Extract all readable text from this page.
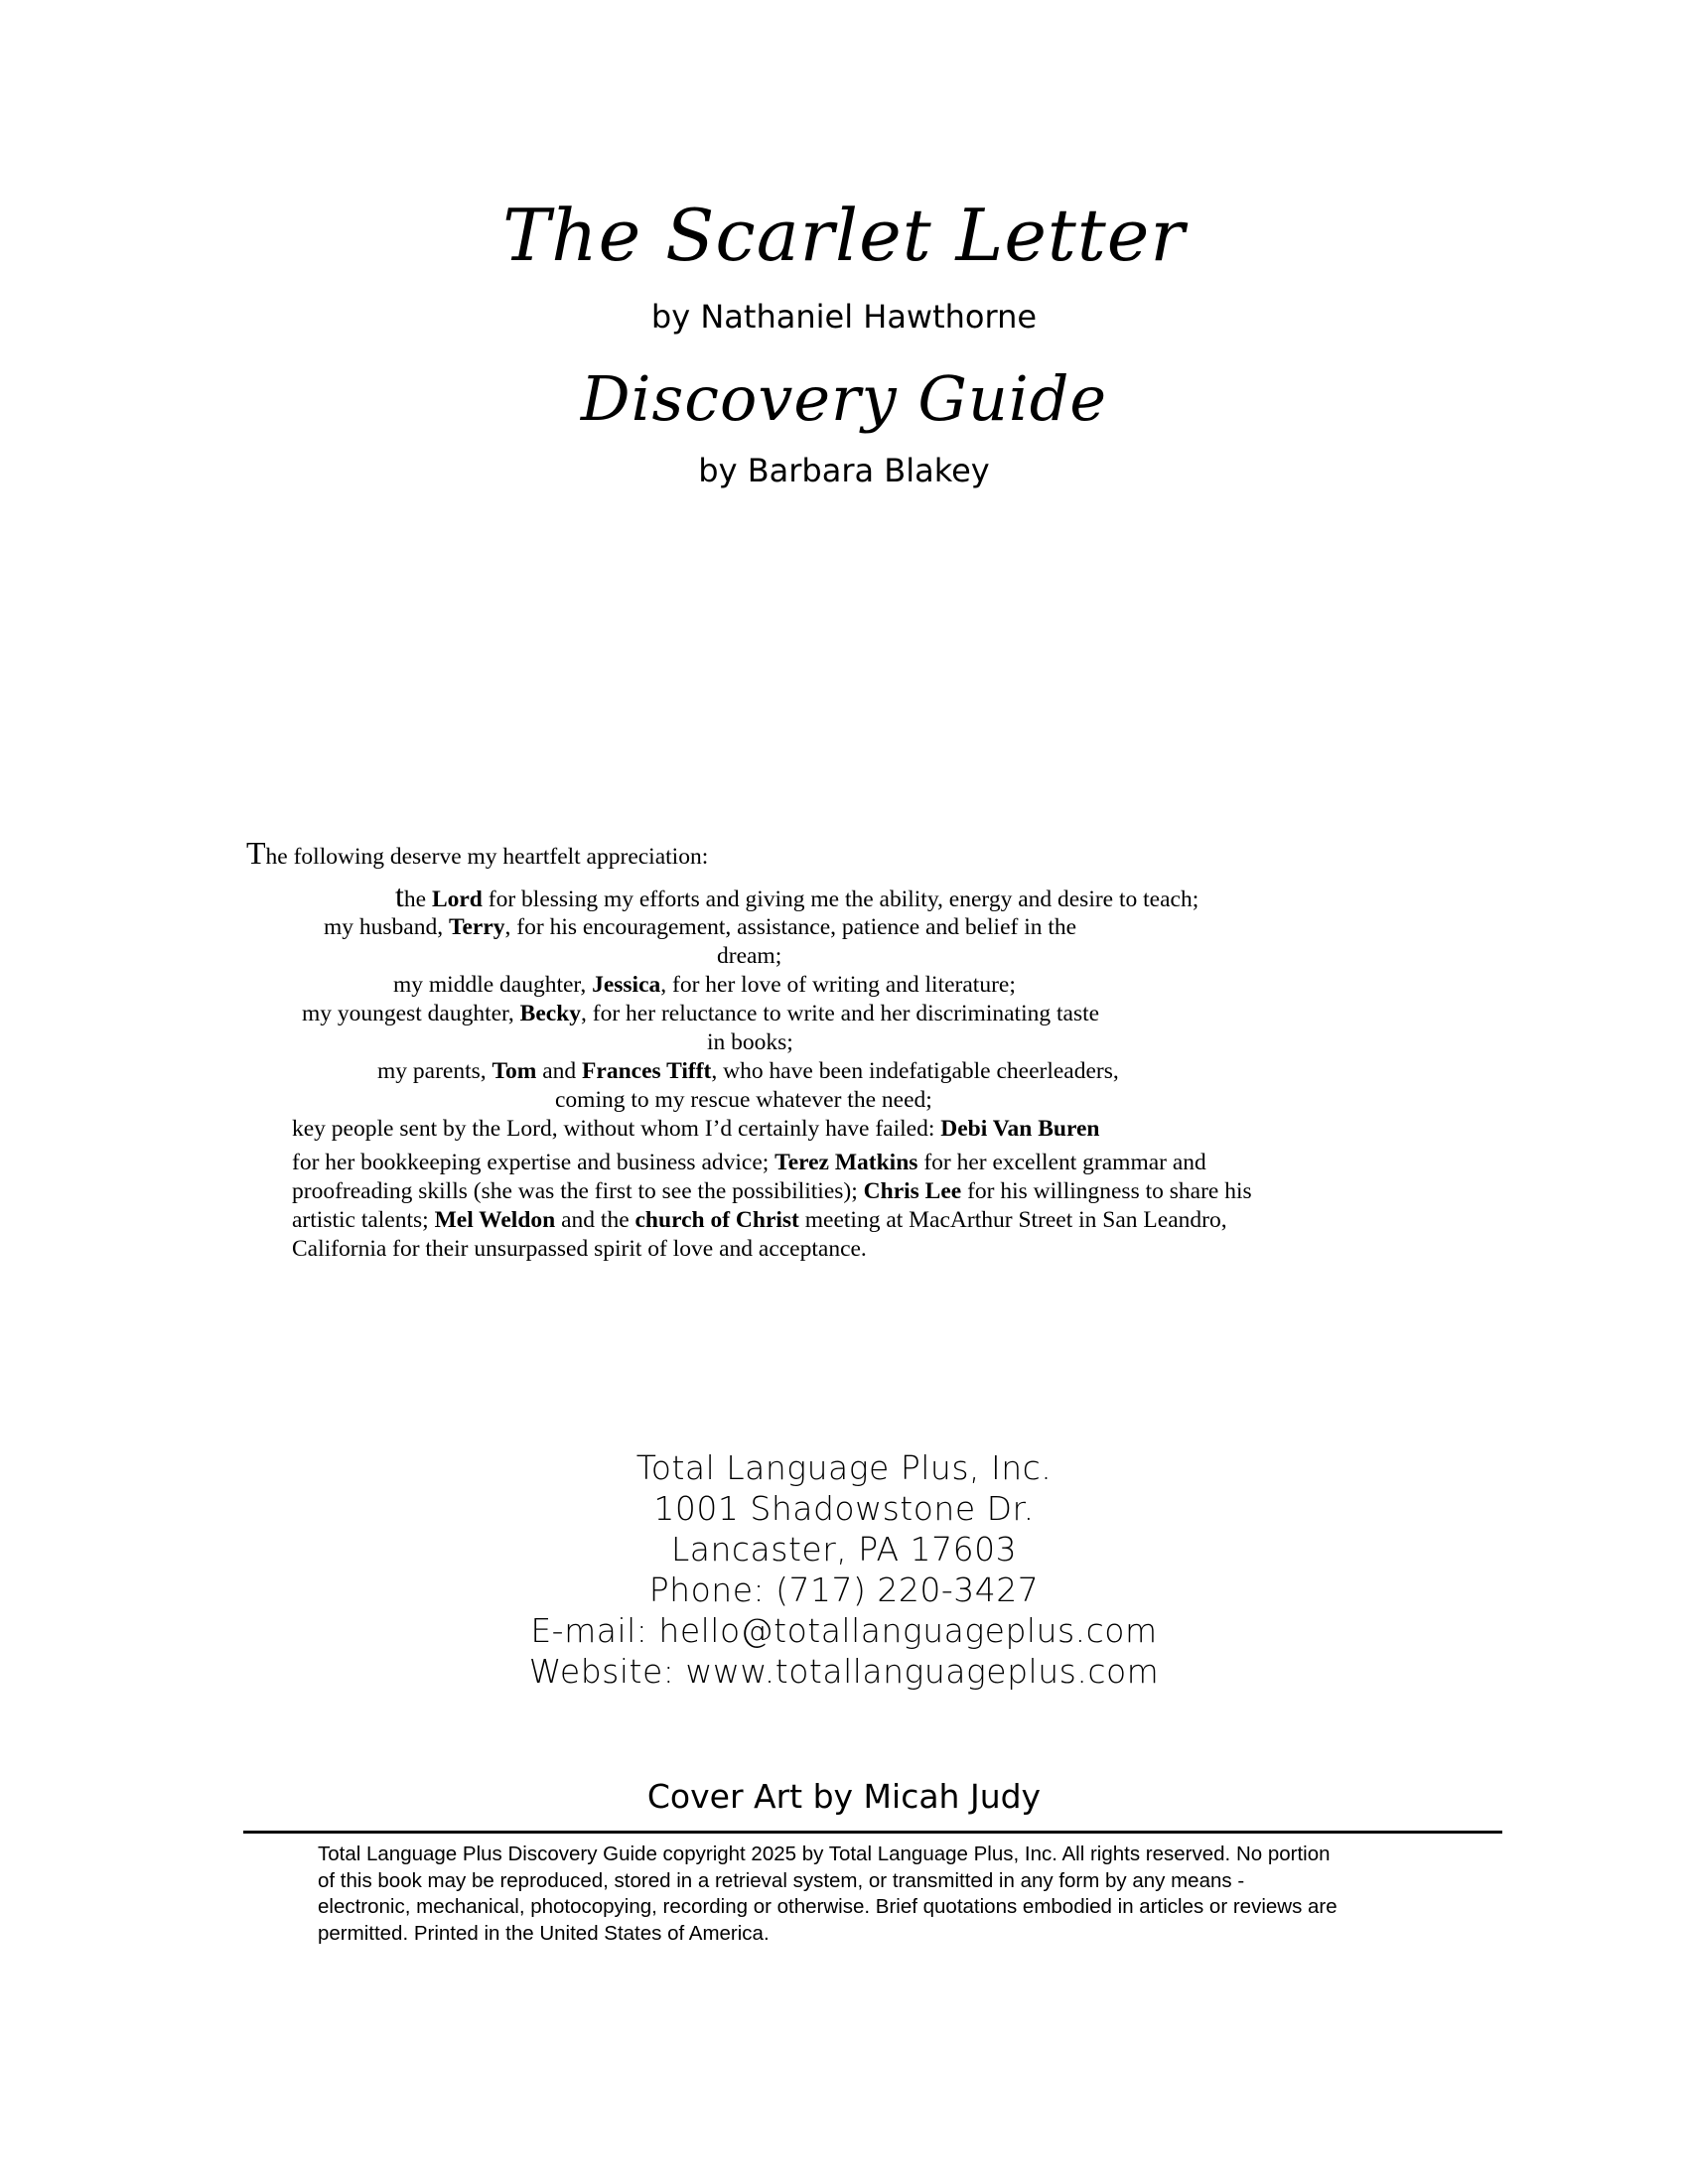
The Scarlet Letter

by Nathaniel Hawthorne

Discovery Guide

by Barbara Blakey

The following deserve my heartfelt appreciation:

the Lord for blessing my efforts and giving me the ability, energy and desire to teach;

my husband, Terry, for his encouragement, assistance, patience and belief in the

dream;

my middle daughter, Jessica, for her love of writing and literature;

my youngest daughter, Becky, for her reluctance to write and her discriminating taste

in books;

my parents, Tom and Frances Tifft, who have been indefatigable cheerleaders,

coming to my rescue whatever the need;

key people sent by the Lord, without whom I’d certainly have failed: Debi Van Buren

for her bookkeeping expertise and business advice; Terez Matkins for her excellent grammar and

proofreading skills (she was the first to see the possibilities); Chris Lee for his willingness to share his

artistic talents; Mel Weldon and the church of Christ meeting at MacArthur Street in San Leandro,

California for their unsurpassed spirit of love and acceptance.

Total Language Plus, Inc.

1001 Shadowstone Dr.

Lancaster, PA 17603

Phone: (717) 220-3427

E-mail: hello@totallanguageplus.com

Website: www.totallanguageplus.com

Cover Art by Micah Judy

Total Language Plus Discovery Guide copyright 2025 by Total Language Plus, Inc. All rights reserved. No portion
of this book may be reproduced, stored in a retrieval system, or transmitted in any form by any means -
electronic, mechanical, photocopying, recording or otherwise. Brief quotations embodied in articles or reviews are
permitted. Printed in the United States of America.
